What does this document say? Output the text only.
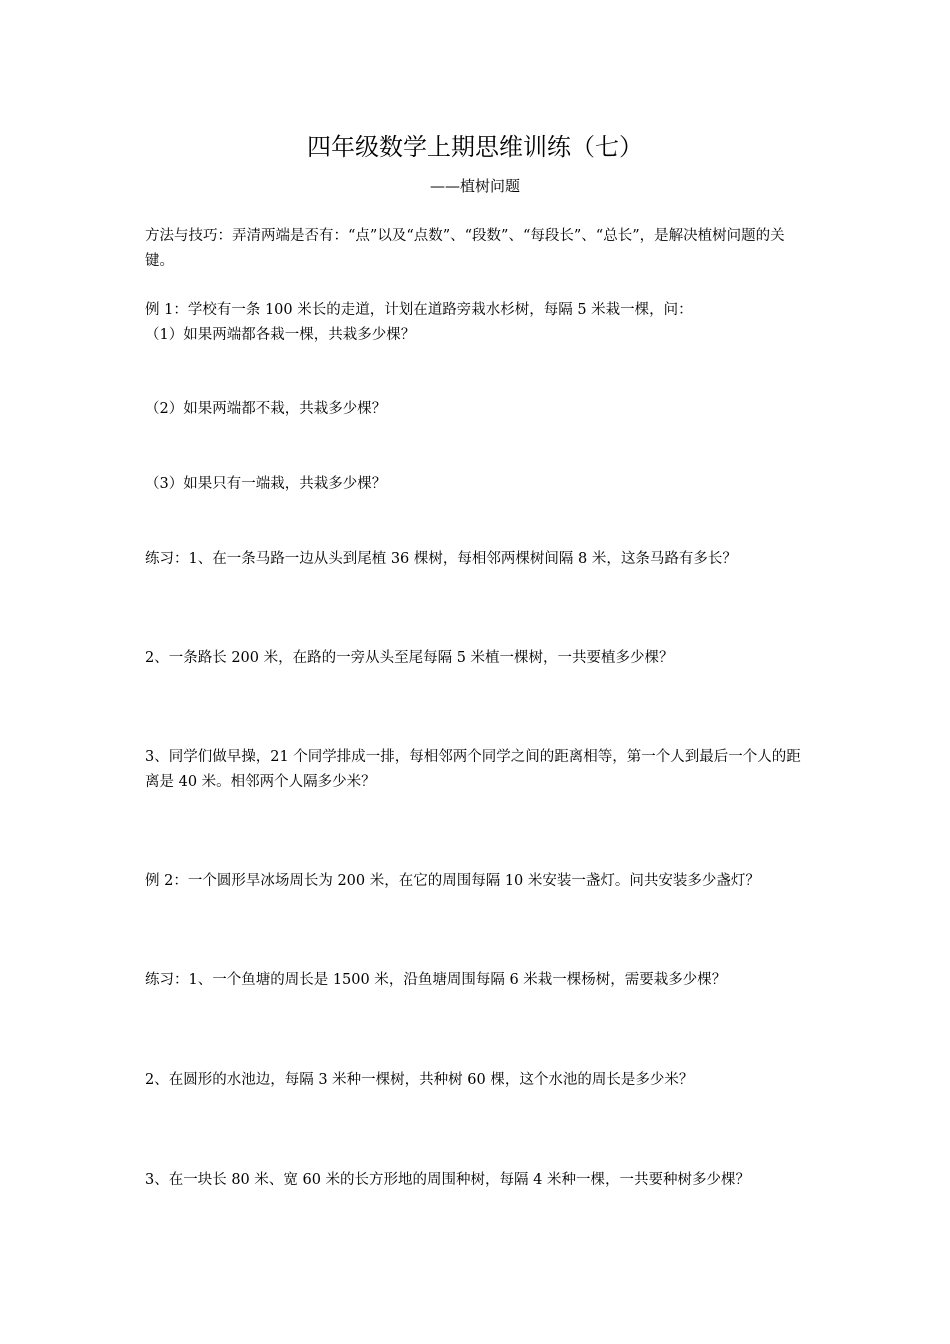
四年级数学上期思维训练（七）
——植树问题

方法与技巧：弄清两端是否有：“点”以及“点数”、“段数”、“每段长”、“总长”，是解决植树问题的关键。

例 1：学校有一条 100 米长的走道，计划在道路旁栽水杉树，每隔 5 米栽一棵，问：

（1）如果两端都各栽一棵，共栽多少棵？

（2）如果两端都不栽，共栽多少棵？

（3）如果只有一端栽，共栽多少棵？

练习：1、在一条马路一边从头到尾植 36 棵树，每相邻两棵树间隔 8 米，这条马路有多长？

2、一条路长 200 米，在路的一旁从头至尾每隔 5 米植一棵树，一共要植多少棵？

3、同学们做早操，21 个同学排成一排，每相邻两个同学之间的距离相等，第一个人到最后一个人的距离是 40 米。相邻两个人隔多少米？

例 2：一个圆形旱冰场周长为 200 米，在它的周围每隔 10 米安装一盏灯。问共安装多少盏灯？

练习：1、一个鱼塘的周长是 1500 米，沿鱼塘周围每隔 6 米栽一棵杨树，需要栽多少棵？

2、在圆形的水池边，每隔 3 米种一棵树，共种树 60 棵，这个水池的周长是多少米？

3、在一块长 80 米、宽 60 米的长方形地的周围种树，每隔 4 米种一棵，一共要种树多少棵？
